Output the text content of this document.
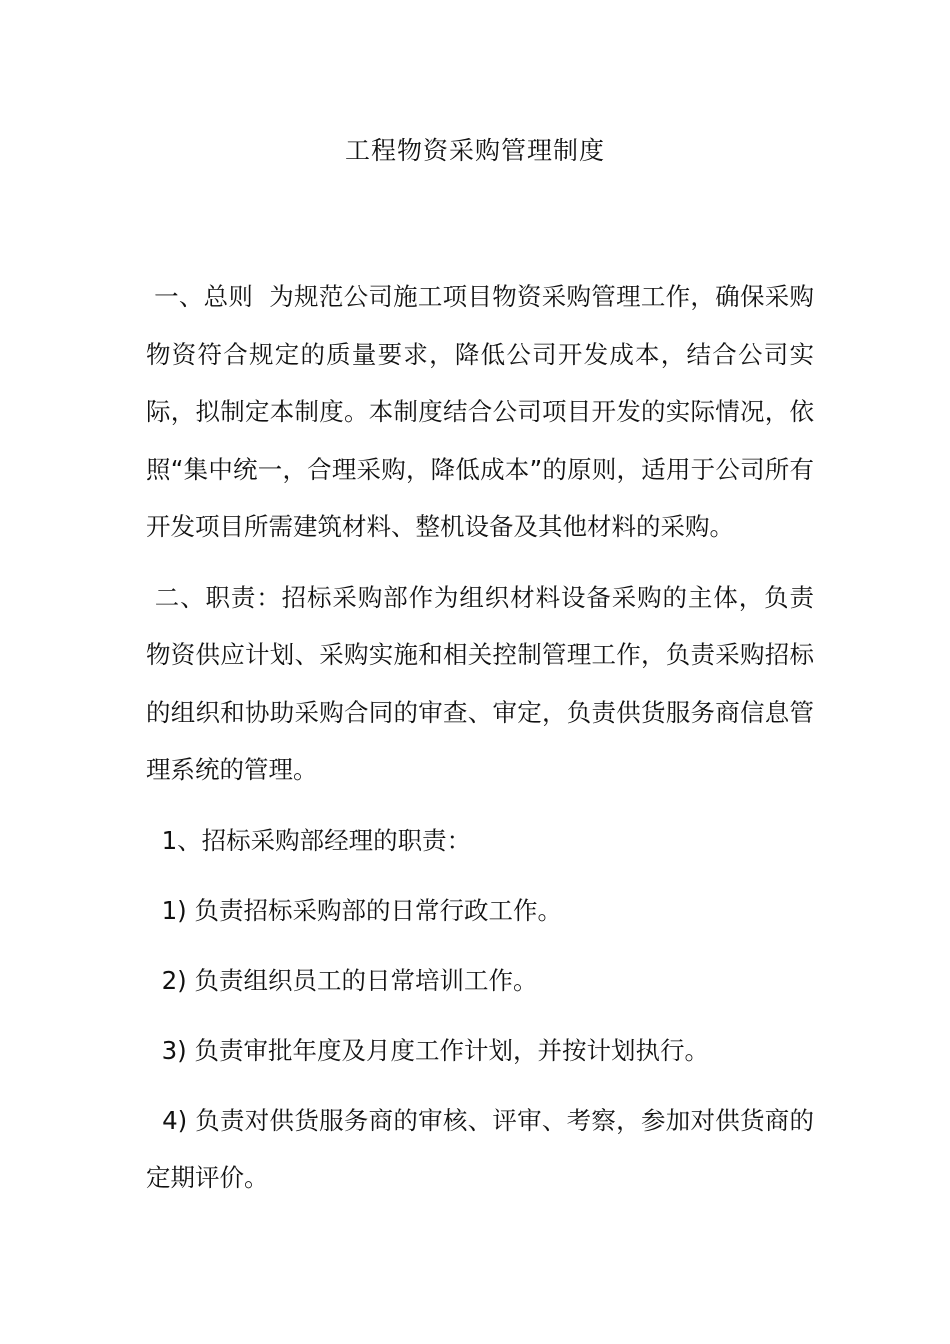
工程物资采购管理制度

一、总则  为规范公司施工项目物资采购管理工作，确保采购物资符合规定的质量要求，降低公司开发成本，结合公司实际，拟制定本制度。本制度结合公司项目开发的实际情况，依照“集中统一，合理采购，降低成本”的原则，适用于公司所有开发项目所需建筑材料、整机设备及其他材料的采购。

二、职责：招标采购部作为组织材料设备采购的主体，负责物资供应计划、采购实施和相关控制管理工作，负责采购招标的组织和协助采购合同的审查、审定，负责供货服务商信息管理系统的管理。

1、招标采购部经理的职责：

1) 负责招标采购部的日常行政工作。

2) 负责组织员工的日常培训工作。

3) 负责审批年度及月度工作计划，并按计划执行。

4) 负责对供货服务商的审核、评审、考察，参加对供货商的定期评价。
